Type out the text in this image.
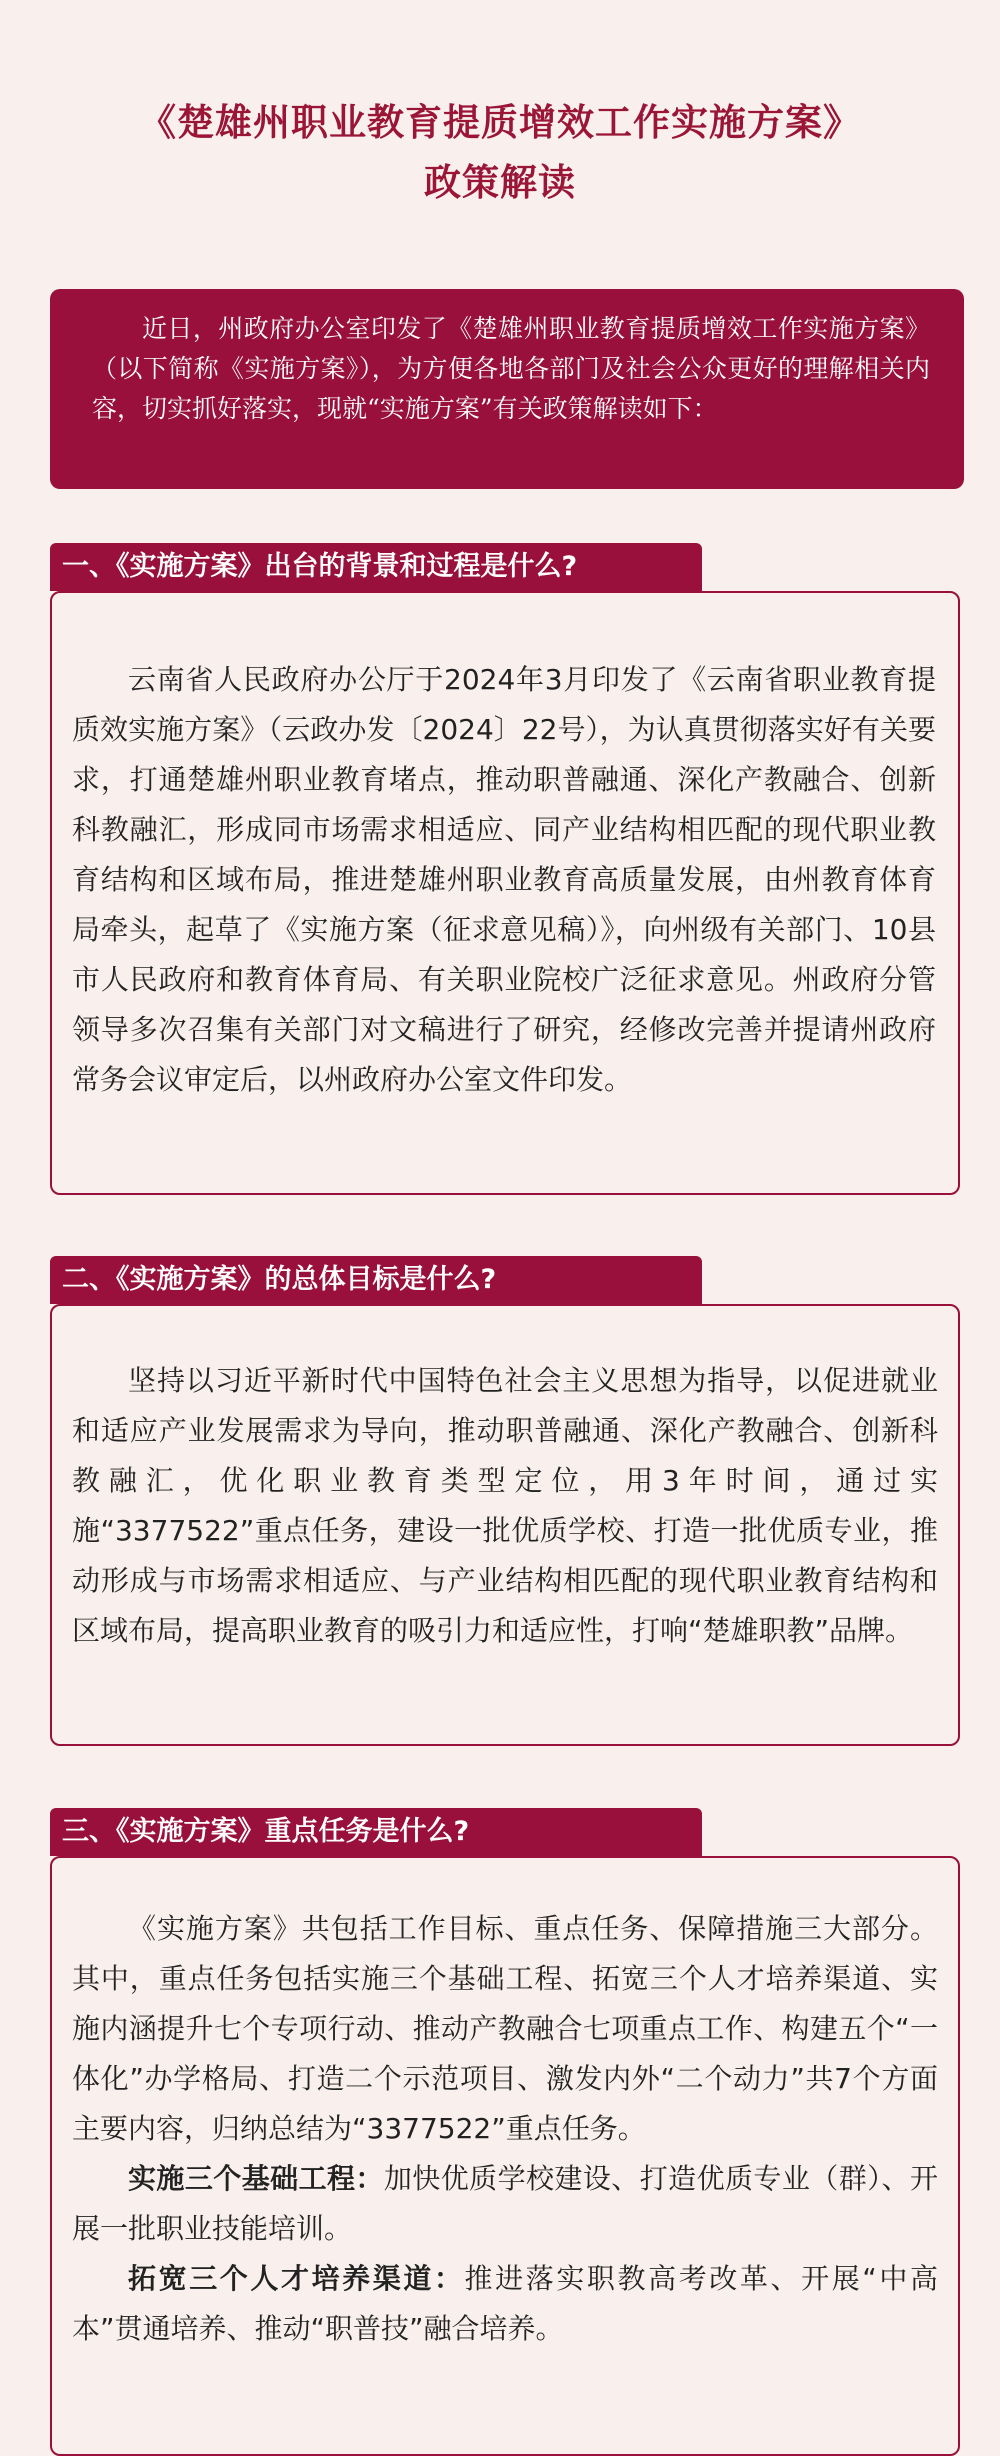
《楚雄州职业教育提质增效工作实施方案》
政策解读
近日，州政府办公室印发了《楚雄州职业教育提质增效工作实施方案》（以下简称《实施方案》），为方便各地各部门及社会公众更好的理解相关内容，切实抓好落实，现就“实施方案”有关政策解读如下：
一、《实施方案》出台的背景和过程是什么?

云南省人民政府办公厅于2024年3月印发了《云南省职业教育提质效实施方案》（云政办发〔2024〕22号），为认真贯彻落实好有关要求，打通楚雄州职业教育堵点，推动职普融通、深化产教融合、创新科教融汇，形成同市场需求相适应、同产业结构相匹配的现代职业教育结构和区域布局，推进楚雄州职业教育高质量发展，由州教育体育局牵头，起草了《实施方案（征求意见稿）》，向州级有关部门、10县市人民政府和教育体育局、有关职业院校广泛征求意见。州政府分管领导多次召集有关部门对文稿进行了研究，经修改完善并提请州政府常务会议审定后，以州政府办公室文件印发。

二、《实施方案》的总体目标是什么?

坚持以习近平新时代中国特色社会主义思想为指导，以促进就业和适应产业发展需求为导向，推动职普融通、深化产教融合、创新科教融汇，优化职业教育类型定位，用3年时间，通过实施“3377522”重点任务，建设一批优质学校、打造一批优质专业，推动形成与市场需求相适应、与产业结构相匹配的现代职业教育结构和区域布局，提高职业教育的吸引力和适应性，打响“楚雄职教”品牌。

三、《实施方案》重点任务是什么?

《实施方案》共包括工作目标、重点任务、保障措施三大部分。其中，重点任务包括实施三个基础工程、拓宽三个人才培养渠道、实施内涵提升七个专项行动、推动产教融合七项重点工作、构建五个“一体化”办学格局、打造二个示范项目、激发内外“二个动力”共7个方面主要内容，归纳总结为“3377522”重点任务。

实施三个基础工程：加快优质学校建设、打造优质专业（群）、开展一批职业技能培训。

拓宽三个人才培养渠道：推进落实职教高考改革、开展“中高本”贯通培养、推动“职普技”融合培养。
